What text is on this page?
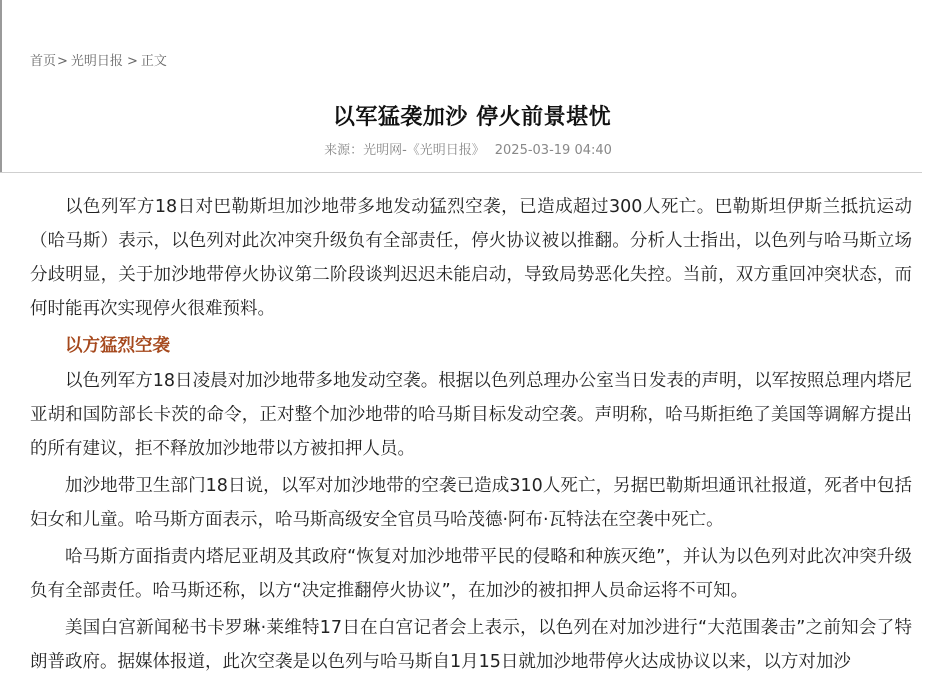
首页> 光明日报 > 正文
以军猛袭加沙 停火前景堪忧
来源：光明网-《光明日报》 2025-03-19 04:40

以色列军方18日对巴勒斯坦加沙地带多地发动猛烈空袭，已造成超过300人死亡。巴勒斯坦伊斯兰抵抗运动（哈马斯）表示，以色列对此次冲突升级负有全部责任，停火协议被以推翻。分析人士指出，以色列与哈马斯立场分歧明显，关于加沙地带停火协议第二阶段谈判迟迟未能启动，导致局势恶化失控。当前，双方重回冲突状态，而何时能再次实现停火很难预料。

以方猛烈空袭

以色列军方18日凌晨对加沙地带多地发动空袭。根据以色列总理办公室当日发表的声明，以军按照总理内塔尼亚胡和国防部长卡茨的命令，正对整个加沙地带的哈马斯目标发动空袭。声明称，哈马斯拒绝了美国等调解方提出的所有建议，拒不释放加沙地带以方被扣押人员。

加沙地带卫生部门18日说，以军对加沙地带的空袭已造成310人死亡，另据巴勒斯坦通讯社报道，死者中包括妇女和儿童。哈马斯方面表示，哈马斯高级安全官员马哈茂德·阿布·瓦特法在空袭中死亡。

哈马斯方面指责内塔尼亚胡及其政府“恢复对加沙地带平民的侵略和种族灭绝”，并认为以色列对此次冲突升级负有全部责任。哈马斯还称，以方“决定推翻停火协议”，在加沙的被扣押人员命运将不可知。

美国白宫新闻秘书卡罗琳·莱维特17日在白宫记者会上表示，以色列在对加沙进行“大范围袭击”之前知会了特朗普政府。据媒体报道，此次空袭是以色列与哈马斯自1月15日就加沙地带停火达成协议以来，以方对加沙
